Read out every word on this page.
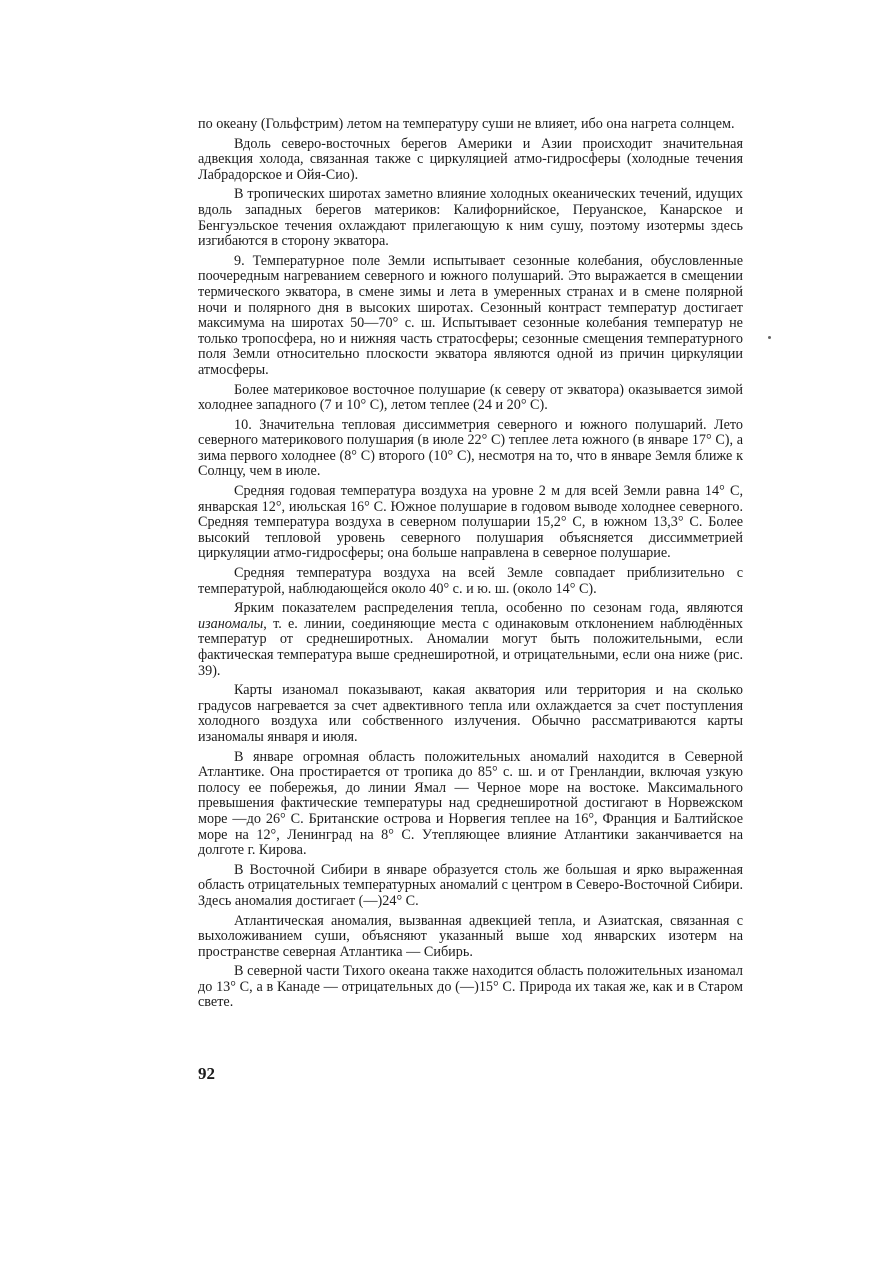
по океану (Гольфстрим) летом на температуру суши не влияет, ибо она нагрета солнцем.

Вдоль северо-восточных берегов Америки и Азии происходит значительная адвекция холода, связанная также с циркуляцией атмо-гидросферы (холодные течения Лабрадорское и Ойя-Сио).

В тропических широтах заметно влияние холодных океанических течений, идущих вдоль западных берегов материков: Калифорнийское, Перуанское, Канарское и Бенгуэльское течения охлаждают прилегающую к ним сушу, поэтому изотермы здесь изгибаются в сторону экватора.

9. Температурное поле Земли испытывает сезонные колебания, обусловленные поочередным нагреванием северного и южного полушарий. Это выражается в смещении термического экватора, в смене зимы и лета в умеренных странах и в смене полярной ночи и полярного дня в высоких широтах. Сезонный контраст температур достигает максимума на широтах 50—70° с. ш. Испытывает сезонные колебания температур не только тропосфера, но и нижняя часть стратосферы; сезонные смещения температурного поля Земли относительно плоскости экватора являются одной из причин циркуляции атмосферы.

Более материковое восточное полушарие (к северу от экватора) оказывается зимой холоднее западного (7 и 10° С), летом теплее (24 и 20° С).

10. Значительна тепловая диссимметрия северного и южного полушарий. Лето северного материкового полушария (в июле 22° С) теплее лета южного (в январе 17° С), а зима первого холоднее (8° С) второго (10° С), несмотря на то, что в январе Земля ближе к Солнцу, чем в июле.

Средняя годовая температура воздуха на уровне 2 м для всей Земли равна 14° С, январская 12°, июльская 16° С. Южное полушарие в годовом выводе холоднее северного. Средняя температура воздуха в северном полушарии 15,2° С, в южном 13,3° С. Более высокий тепловой уровень северного полушария объясняется диссимметрией циркуляции атмо-гидросферы; она больше направлена в северное полушарие.

Средняя температура воздуха на всей Земле совпадает приблизительно с температурой, наблюдающейся около 40° с. и ю. ш. (около 14° С).

Ярким показателем распределения тепла, особенно по сезонам года, являются изаномалы, т. е. линии, соединяющие места с одинаковым отклонением наблюдённых температур от среднеширотных. Аномалии могут быть положительными, если фактическая температура выше среднеширотной, и отрицательными, если она ниже (рис. 39).

Карты изаномал показывают, какая акватория или территория и на сколько градусов нагревается за счет адвективного тепла или охлаждается за счет поступления холодного воздуха или собственного излучения. Обычно рассматриваются карты изаномалы января и июля.

В январе огромная область положительных аномалий находится в Северной Атлантике. Она простирается от тропика до 85° с. ш. и от Гренландии, включая узкую полосу ее побережья, до линии Ямал — Черное море на востоке. Максимального превышения фактические температуры над среднеширотной достигают в Норвежском море —до 26° С. Британские острова и Норвегия теплее на 16°, Франция и Балтийское море на 12°, Ленинград на 8° С. Утепляющее влияние Атлантики заканчивается на долготе г. Кирова.

В Восточной Сибири в январе образуется столь же большая и ярко выраженная область отрицательных температурных аномалий с центром в Северо-Восточной Сибири. Здесь аномалия достигает (—)24° С.

Атлантическая аномалия, вызванная адвекцией тепла, и Азиатская, связанная с выхоложиванием суши, объясняют указанный выше ход январских изотерм на пространстве северная Атлантика — Сибирь.

В северной части Тихого океана также находится область положительных изаномал до 13° С, а в Канаде — отрицательных до (—)15° С. Природа их такая же, как и в Старом свете.

92
